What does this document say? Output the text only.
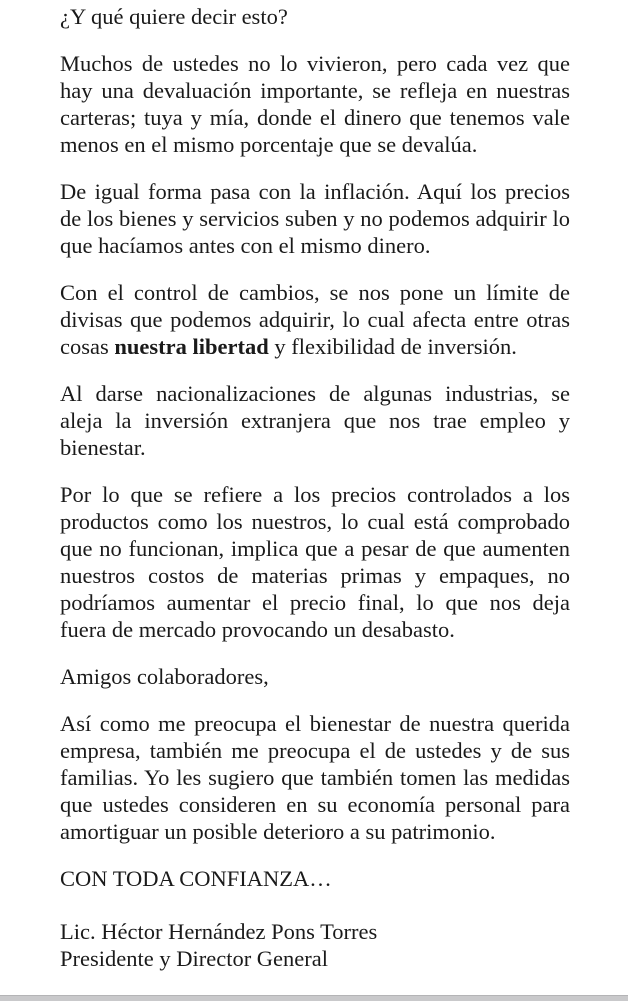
¿Y qué quiere decir esto?

Muchos de ustedes no lo vivieron, pero cada vez que hay una devaluación importante, se refleja en nuestras carteras; tuya y mía, donde el dinero que tenemos vale menos en el mismo porcentaje que se devalúa.

De igual forma pasa con la inflación. Aquí los precios de los bienes y servicios suben y no podemos adquirir lo que hacíamos antes con el mismo dinero.

Con el control de cambios, se nos pone un límite de divisas que podemos adquirir, lo cual afecta entre otras cosas nuestra libertad y flexibilidad de inversión.

Al darse nacionalizaciones de algunas industrias, se aleja la inversión extranjera que nos trae empleo y bienestar.

Por lo que se refiere a los precios controlados a los productos como los nuestros, lo cual está comprobado que no funcionan, implica que a pesar de que aumenten nuestros costos de materias primas y empaques, no podríamos aumentar el precio final, lo que nos deja fuera de mercado provocando un desabasto.

Amigos colaboradores,

Así como me preocupa el bienestar de nuestra querida empresa, también me preocupa el de ustedes y de sus familias. Yo les sugiero que también tomen las medidas que ustedes consideren en su economía personal para amortiguar un posible deterioro a su patrimonio.

CON TODA CONFIANZA…

Lic. Héctor Hernández Pons Torres

Presidente y Director General
